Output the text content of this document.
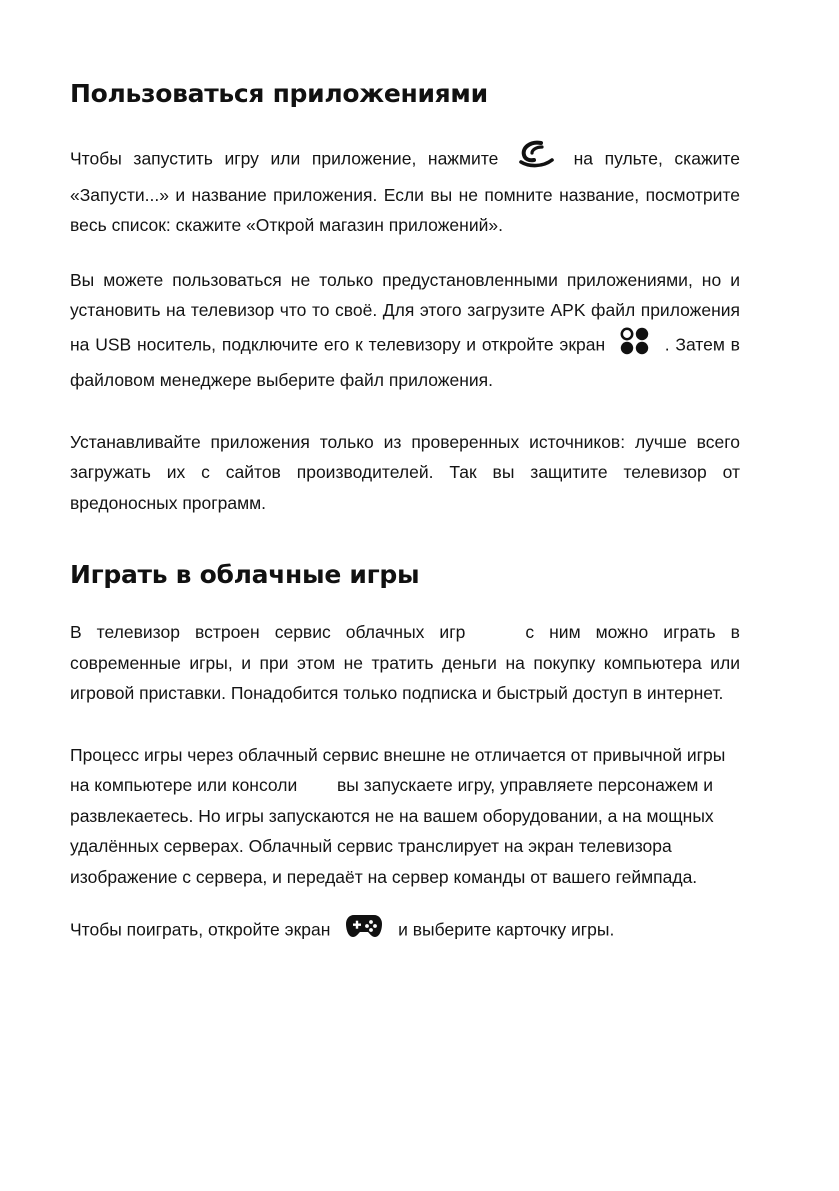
Пользоваться приложениями

Чтобы запустить игру или приложение, нажмите	на пульте, скажите «Запусти...» и название приложения. Если вы не помните название, посмотрите весь список: скажите «Открой магазин приложений».

Вы можете пользоваться не только предустановленными приложениями, но и установить на телевизор что то своё. Для этого загрузите APK файл приложения на USB носитель, подключите его к телевизору и откройте экран	. Затем в файловом менеджере выберите файл приложения.

Устанавливайте приложения только из проверенных источников: лучше всего загружать их с сайтов производителей. Так вы защитите телевизор от вредоносных программ.

Играть в облачные игры

В телевизор встроен сервис облачных игр	с ним можно играть в современные игры, и при этом не тратить деньги на покупку компьютера или игровой приставки. Понадобится только подписка и быстрый доступ в интернет.

Процесс игры через облачный сервис внешне не отличается от привычной игры на компьютере или консоли вы запускаете игру, управляете персонажем и развлекаетесь. Но игры запускаются не на вашем оборудовании, а на мощных удалённых серверах. Облачный сервис транслирует на экран телевизора изображение с сервера, и передаёт на сервер команды от вашего геймпада.

Чтобы поиграть, откройте экран	и выберите карточку игры.
